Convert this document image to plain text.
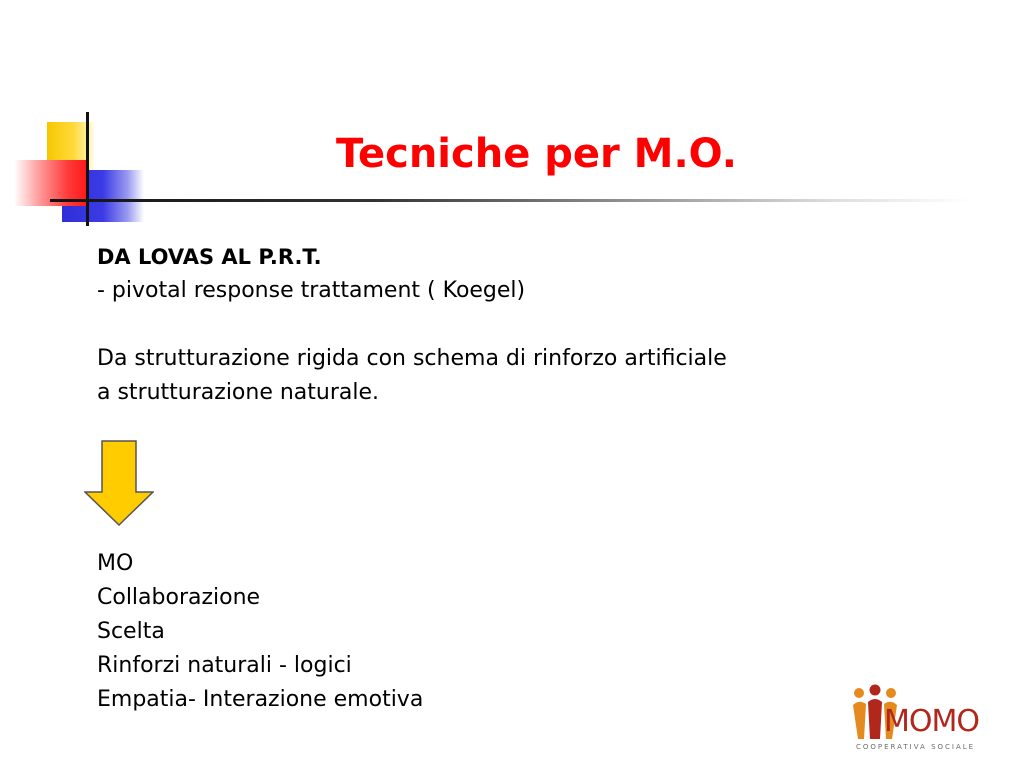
Tecniche per M.O.

DA LOVAS AL P.R.T.

- pivotal response trattament ( Koegel)

Da strutturazione rigida con schema di rinforzo artificiale

a strutturazione naturale.

MO

Collaborazione

Scelta

Rinforzi naturali - logici

Empatia- Interazione emotiva

MOMO
COOPERATIVA SOCIALE
